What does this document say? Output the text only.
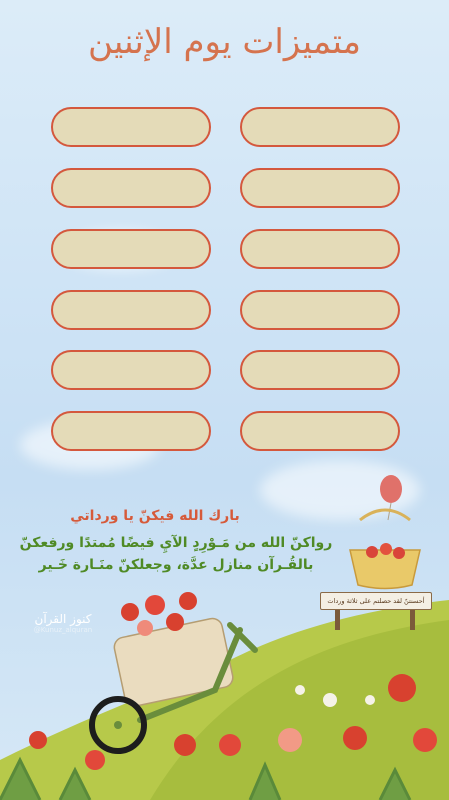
متميزات يوم الإثنين
أحسنتنّ لقد حصلتم على ثلاثة وردات
بارك الله فيكنّ يا ورداتي
رواكنّ الله من مَـوْرِدٍ الآيِ فيضًا مُمتدًا ورفعكنّ
بالقُـرآن منازل عدَّة، وجعلكنّ منَـارة خَـير
كنوز القرآن
@Kunuz_alquran
